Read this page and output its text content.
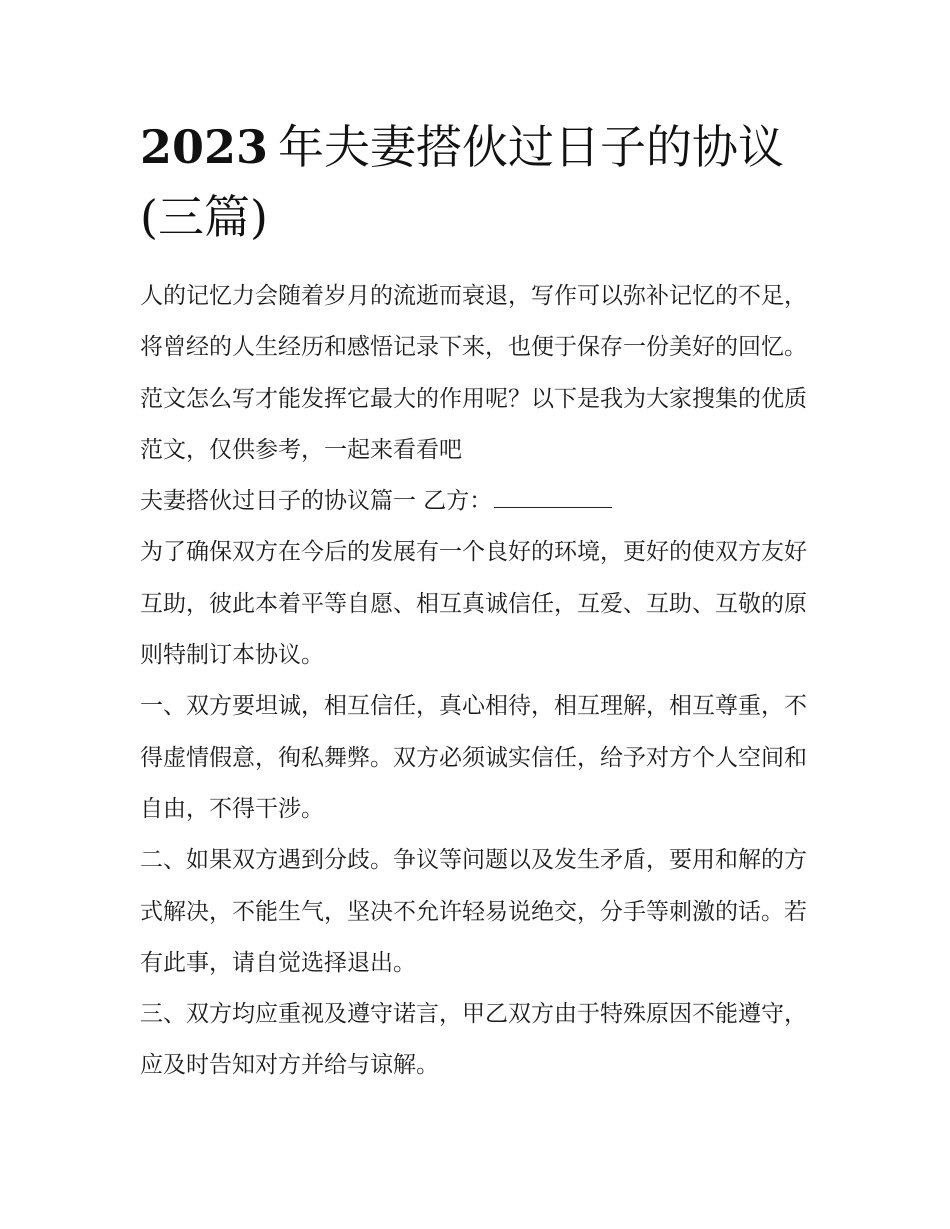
2023 年夫妻搭伙过日子的协议(三篇)

人的记忆力会随着岁月的流逝而衰退，写作可以弥补记忆的不足，将曾经的人生经历和感悟记录下来，也便于保存一份美好的回忆。范文怎么写才能发挥它最大的作用呢？以下是我为大家搜集的优质范文，仅供参考，一起来看看吧

夫妻搭伙过日子的协议篇一 乙方：

为了确保双方在今后的发展有一个良好的环境，更好的使双方友好互助，彼此本着平等自愿、相互真诚信任，互爱、互助、互敬的原则特制订本协议。

一、双方要坦诚，相互信任，真心相待，相互理解，相互尊重，不得虚情假意，徇私舞弊。双方必须诚实信任，给予对方个人空间和自由，不得干涉。

二、如果双方遇到分歧。争议等问题以及发生矛盾，要用和解的方式解决，不能生气，坚决不允许轻易说绝交，分手等刺激的话。若有此事，请自觉选择退出。

三、双方均应重视及遵守诺言，甲乙双方由于特殊原因不能遵守，应及时告知对方并给与谅解。
